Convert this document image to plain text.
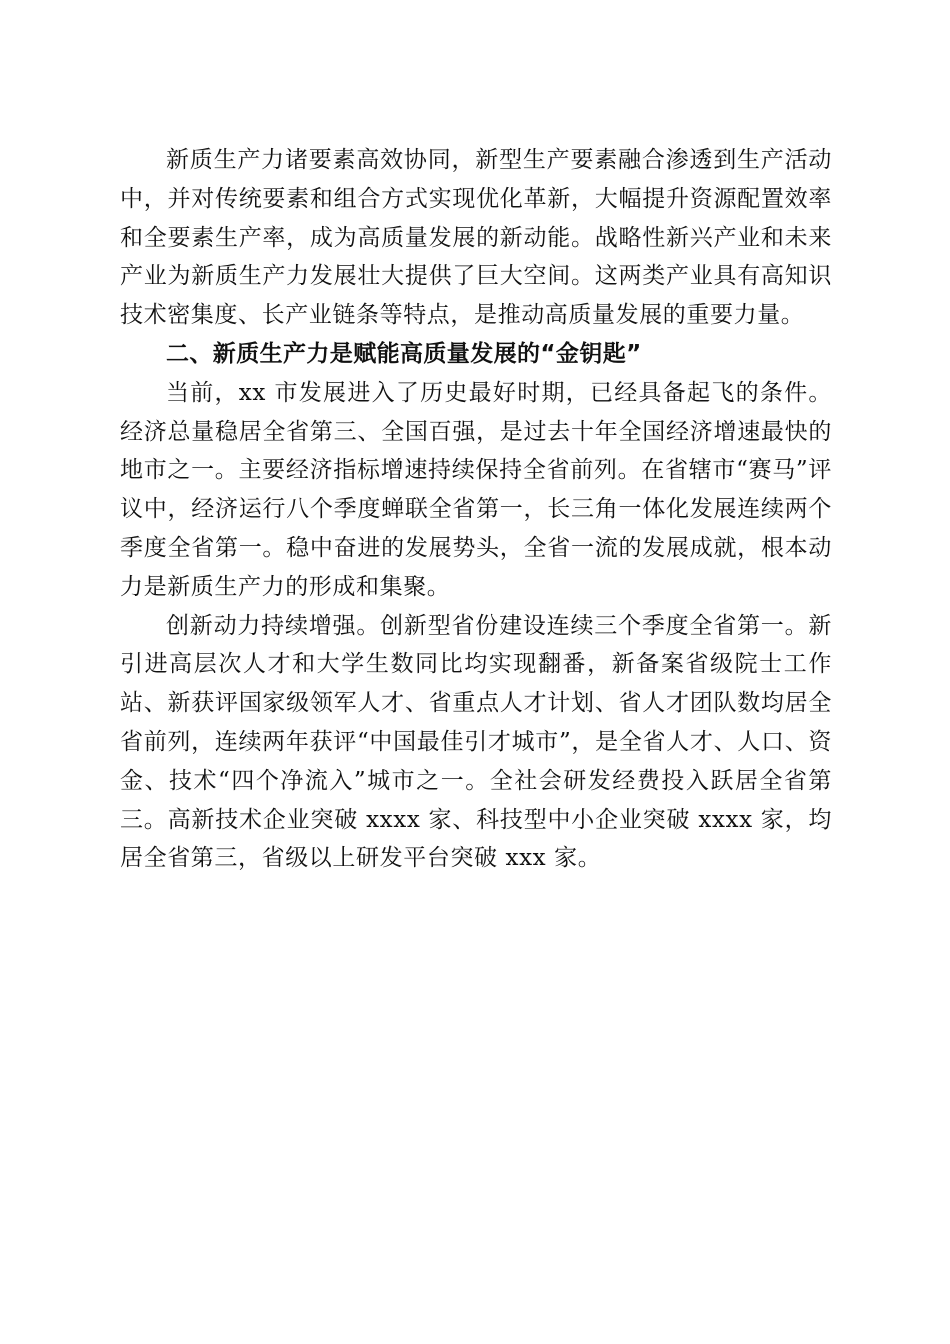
新质生产力诸要素高效协同，新型生产要素融合渗透到生产活动中，并对传统要素和组合方式实现优化革新，大幅提升资源配置效率和全要素生产率，成为高质量发展的新动能。战略性新兴产业和未来产业为新质生产力发展壮大提供了巨大空间。这两类产业具有高知识技术密集度、长产业链条等特点，是推动高质量发展的重要力量。

二、新质生产力是赋能高质量发展的“金钥匙”

当前，xx 市发展进入了历史最好时期，已经具备起飞的条件。经济总量稳居全省第三、全国百强，是过去十年全国经济增速最快的地市之一。主要经济指标增速持续保持全省前列。在省辖市“赛马”评议中，经济运行八个季度蝉联全省第一，长三角一体化发展连续两个季度全省第一。稳中奋进的发展势头，全省一流的发展成就，根本动力是新质生产力的形成和集聚。

创新动力持续增强。创新型省份建设连续三个季度全省第一。新引进高层次人才和大学生数同比均实现翻番，新备案省级院士工作站、新获评国家级领军人才、省重点人才计划、省人才团队数均居全省前列，连续两年获评“中国最佳引才城市”，是全省人才、人口、资金、技术“四个净流入”城市之一。全社会研发经费投入跃居全省第三。高新技术企业突破 xxxx 家、科技型中小企业突破 xxxx 家，均居全省第三，省级以上研发平台突破 xxx 家。
